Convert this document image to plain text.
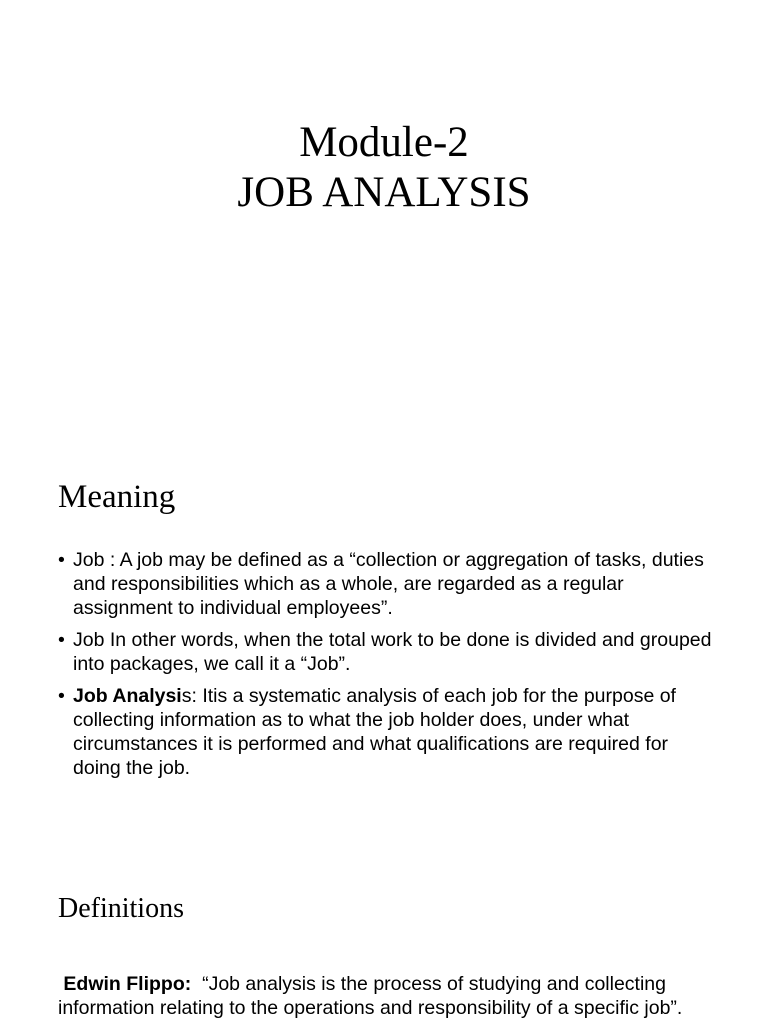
Module-2
JOB ANALYSIS
Meaning
• Job : A job may be defined as a “collection or aggregation of tasks, duties and responsibilities which as a whole, are regarded as a regular assignment to individual employees”.
• Job In other words, when the total work to be done is divided and grouped into packages, we call it a “Job”.
• Job Analysis: Itis a systematic analysis of each job for the purpose of collecting information as to what the job holder does, under what circumstances it is performed and what qualifications are required for doing the job.
Definitions
Edwin Flippo: “Job analysis is the process of studying and collecting information relating to the operations and responsibility of a specific job”.
